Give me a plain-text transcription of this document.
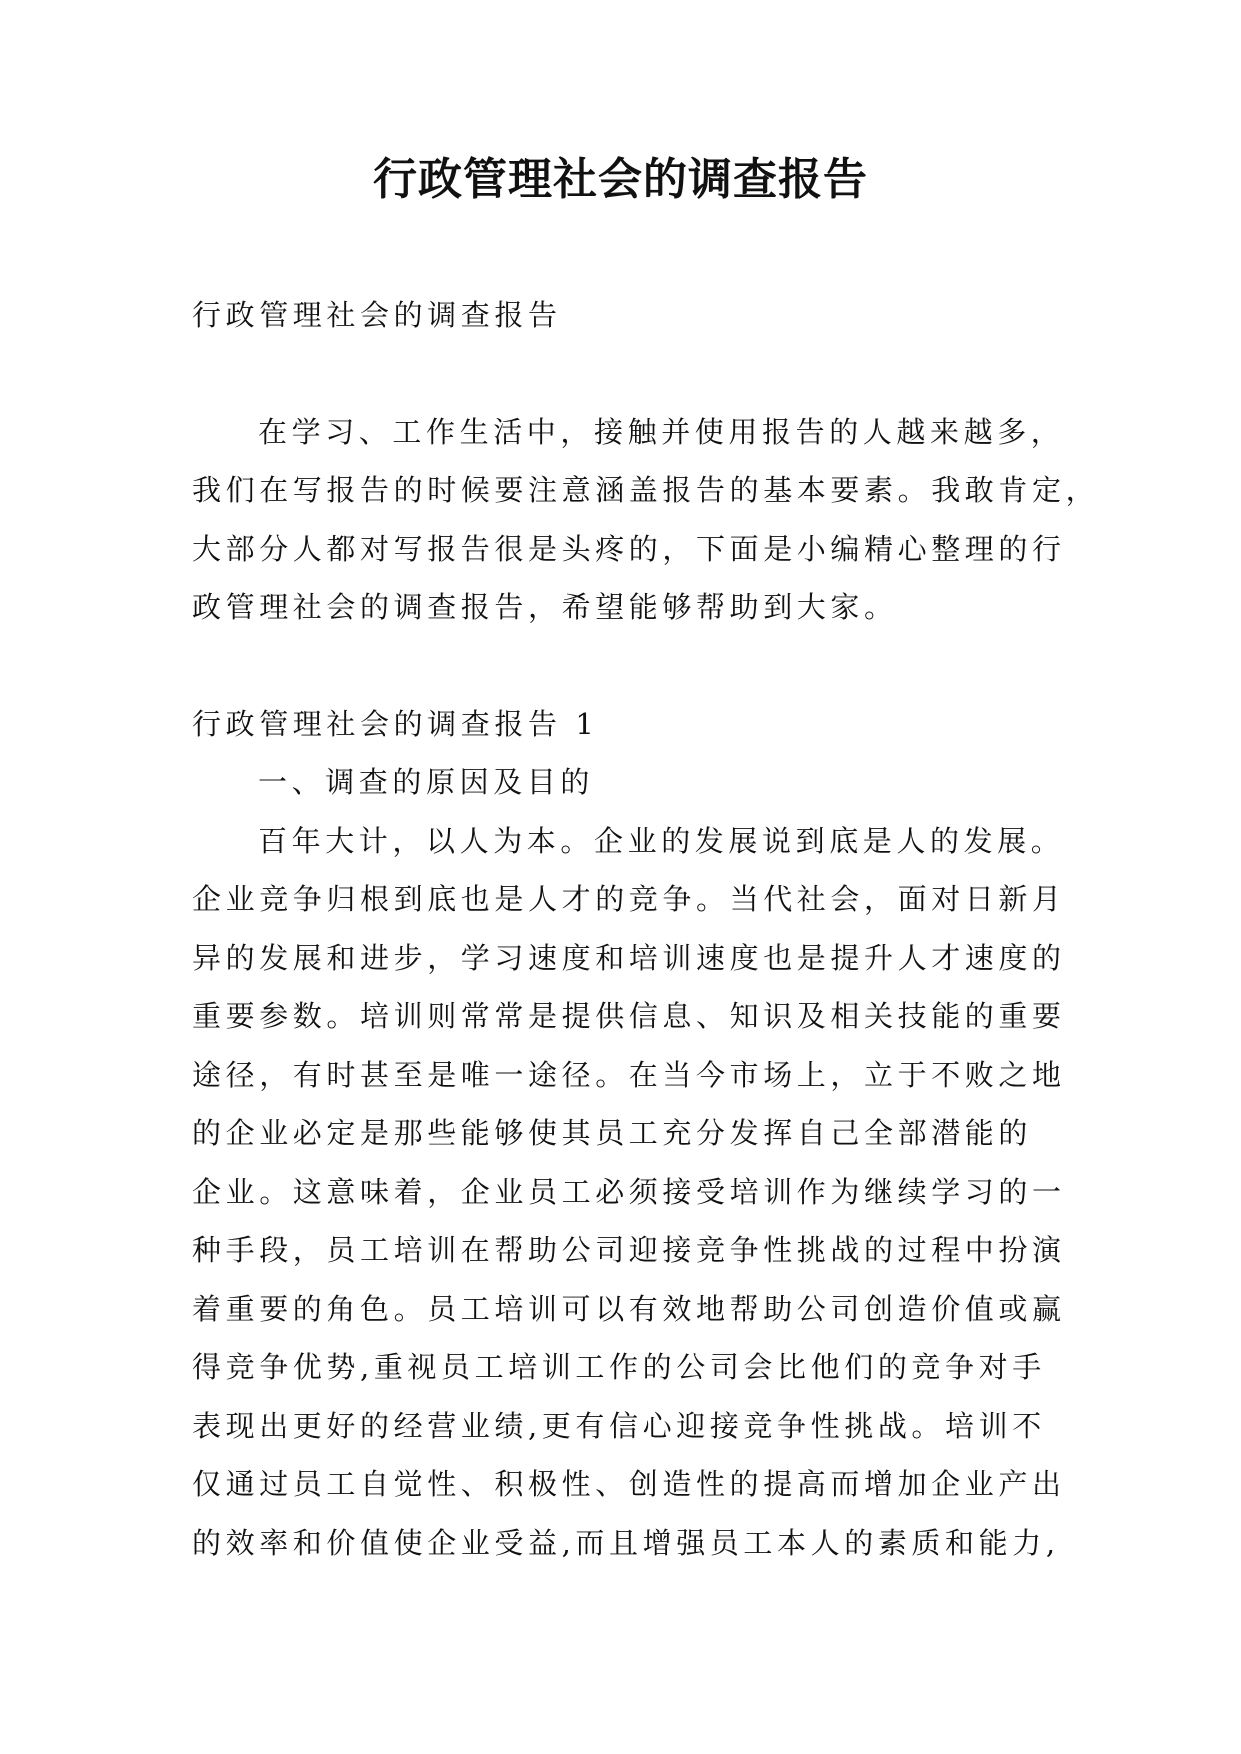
行政管理社会的调查报告

行政管理社会的调查报告

在学习、工作生活中，接触并使用报告的人越来越多，

我们在写报告的时候要注意涵盖报告的基本要素。我敢肯定，

大部分人都对写报告很是头疼的，下面是小编精心整理的行

政管理社会的调查报告，希望能够帮助到大家。

行政管理社会的调查报告 1

一、调查的原因及目的

百年大计，以人为本。企业的发展说到底是人的发展。

企业竞争归根到底也是人才的竞争。当代社会，面对日新月

异的发展和进步，学习速度和培训速度也是提升人才速度的

重要参数。培训则常常是提供信息、知识及相关技能的重要

途径，有时甚至是唯一途径。在当今市场上，立于不败之地

的企业必定是那些能够使其员工充分发挥自己全部潜能的

企业。这意味着，企业员工必须接受培训作为继续学习的一

种手段，员工培训在帮助公司迎接竞争性挑战的过程中扮演

着重要的角色。员工培训可以有效地帮助公司创造价值或赢

得竞争优势,重视员工培训工作的公司会比他们的竞争对手

表现出更好的经营业绩,更有信心迎接竞争性挑战。培训不

仅通过员工自觉性、积极性、创造性的提高而增加企业产出

的效率和价值使企业受益,而且增强员工本人的素质和能力,
